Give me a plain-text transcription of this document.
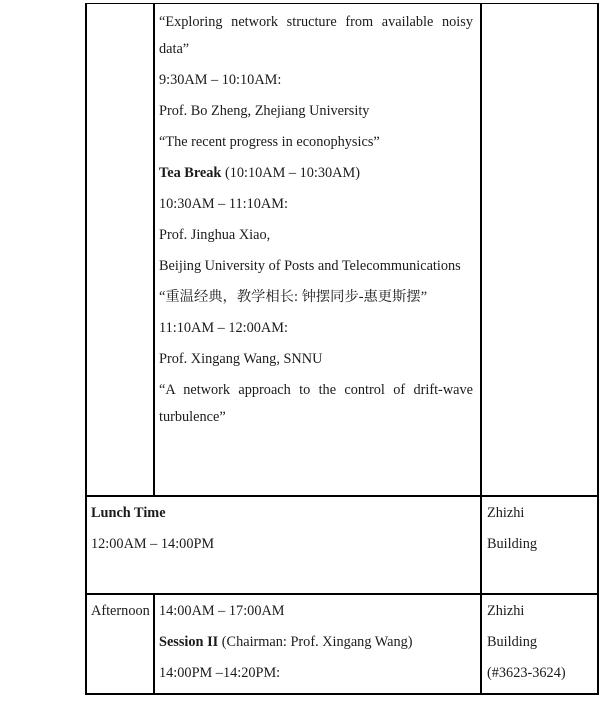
“Exploring network structure from available noisy

data”

9:30AM – 10:10AM:

Prof. Bo Zheng, Zhejiang University

“The recent progress in econophysics”

Tea Break (10:10AM – 10:30AM)

10:30AM – 11:10AM:

Prof. Jinghua Xiao,

Beijing University of Posts and Telecommunications

“重温经典，教学相长: 钟摆同步-惠更斯摆”

11:10AM – 12:00AM:

Prof. Xingang Wang, SNNU

“A network approach to the control of drift-wave

turbulence”

Lunch Time

12:00AM – 14:00PM

Zhizhi

Building

Afternoon 14:00AM – 17:00AM

Session II (Chairman: Prof. Xingang Wang)

14:00PM –14:20PM:

Zhizhi

Building

(#3623-3624)
